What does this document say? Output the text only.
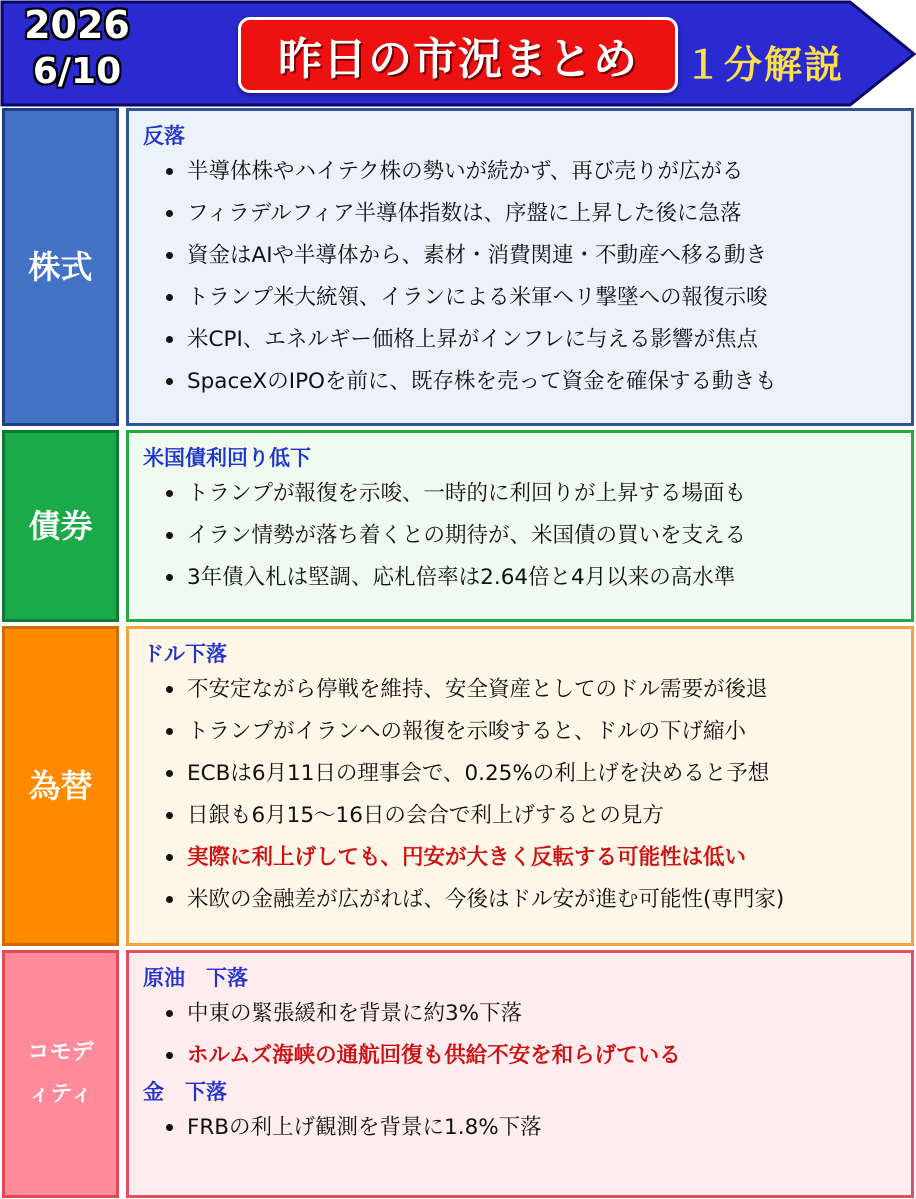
2026
6/10	昨日の市況まとめ １分解説
株式
反落
半導体株やハイテク株の勢いが続かず、再び売りが広がる
フィラデルフィア半導体指数は、序盤に上昇した後に急落
資金はAIや半導体から、素材・消費関連・不動産へ移る動き
トランプ米大統領、イランによる米軍ヘリ撃墜への報復示唆
米CPI、エネルギー価格上昇がインフレに与える影響が焦点
SpaceXのIPOを前に、既存株を売って資金を確保する動きも
債券
米国債利回り低下
トランプが報復を示唆、一時的に利回りが上昇する場面も
イラン情勢が落ち着くとの期待が、米国債の買いを支える
3年債入札は堅調、応札倍率は2.64倍と4月以来の高水準
為替
ドル下落
不安定ながら停戦を維持、安全資産としてのドル需要が後退
トランプがイランへの報復を示唆すると、ドルの下げ縮小
ECBは6月11日の理事会で、0.25%の利上げを決めると予想
日銀も6月15〜16日の会合で利上げするとの見方
実際に利上げしても、円安が大きく反転する可能性は低い
米欧の金融差が広がれば、今後はドル安が進む可能性(専門家)
コモデ
ィティ
原油　下落
中東の緊張緩和を背景に約3%下落
ホルムズ海峡の通航回復も供給不安を和らげている
金　下落
FRBの利上げ観測を背景に1.8%下落
